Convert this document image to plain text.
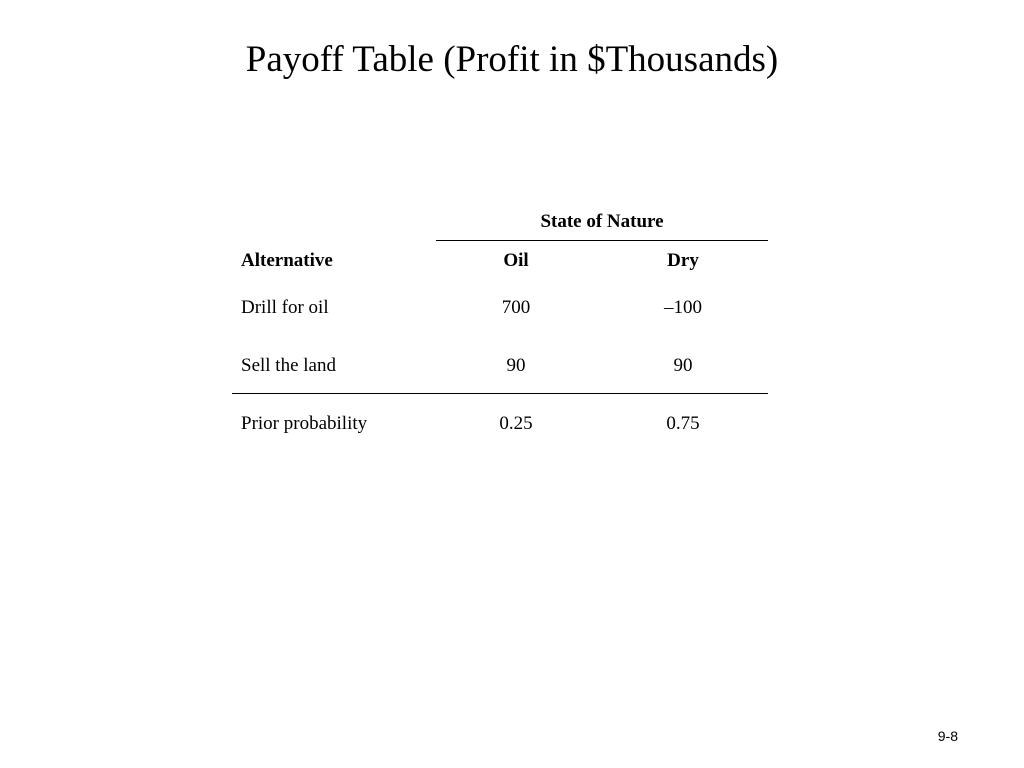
Payoff Table (Profit in $Thousands)
State of Nature
Alternative	Oil	Dry
Drill for oil	700	–100
Sell the land	90	90
Prior probability	0.25	0.75
9-8
